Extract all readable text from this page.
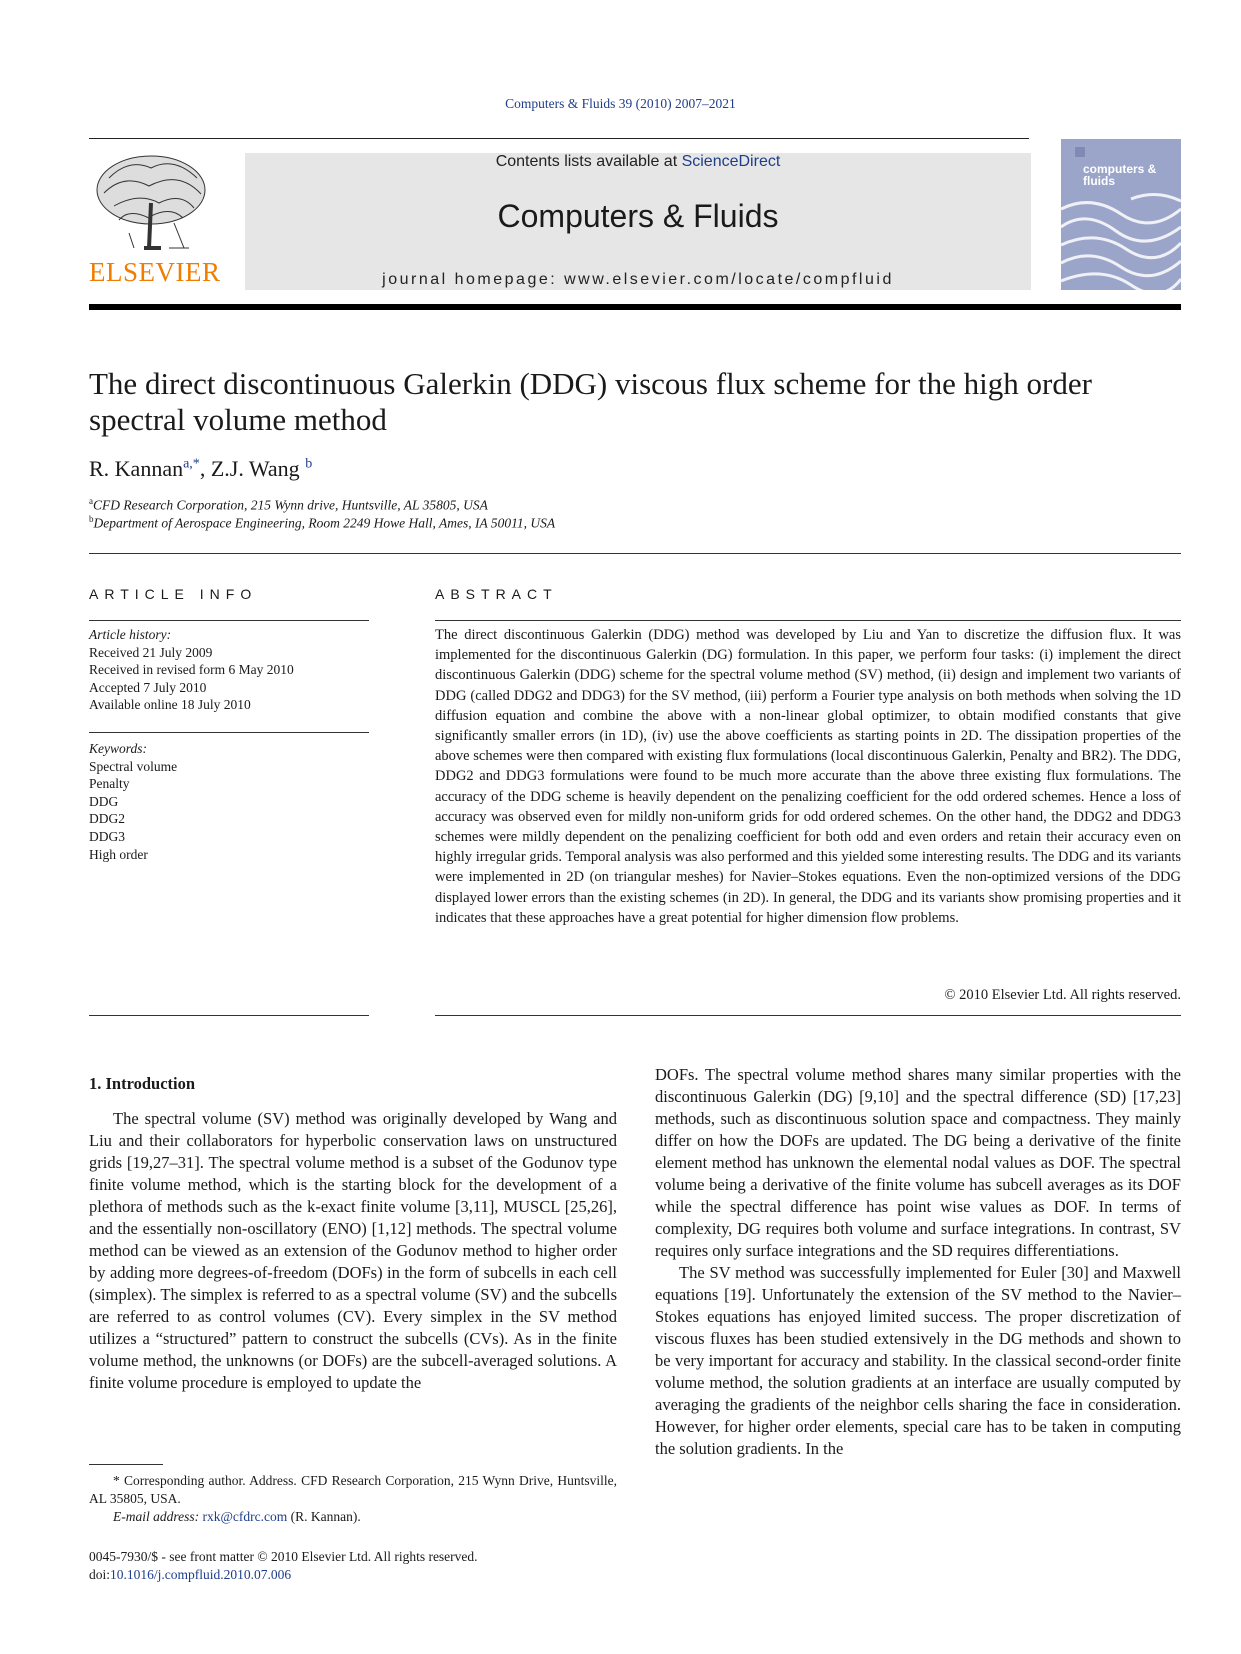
Computers & Fluids 39 (2010) 2007–2021
ELSEVIER
Contents lists available at ScienceDirect
Computers & Fluids
journal homepage: www.elsevier.com/locate/compfluid
computers & fluids
The direct discontinuous Galerkin (DDG) viscous flux scheme for the high order spectral volume method
R. Kannan$^{a,*}$, Z.J. Wang $^b$
$^a$CFD Research Corporation, 215 Wynn drive, Huntsville, AL 35805, USA
$^b$Department of Aerospace Engineering, Room 2249 Howe Hall, Ames, IA 50011, USA
ARTICLE INFO
Article history:
Received 21 July 2009
Received in revised form 6 May 2010
Accepted 7 July 2010
Available online 18 July 2010
Keywords:
Spectral volume
Penalty
DDG
DDG2
DDG3
High order
ABSTRACT
The direct discontinuous Galerkin (DDG) method was developed by Liu and Yan to discretize the diffusion flux. It was implemented for the discontinuous Galerkin (DG) formulation. In this paper, we perform four tasks: (i) implement the direct discontinuous Galerkin (DDG) scheme for the spectral volume method (SV) method, (ii) design and implement two variants of DDG (called DDG2 and DDG3) for the SV method, (iii) perform a Fourier type analysis on both methods when solving the 1D diffusion equation and combine the above with a non-linear global optimizer, to obtain modified constants that give significantly smaller errors (in 1D), (iv) use the above coefficients as starting points in 2D. The dissipation properties of the above schemes were then compared with existing flux formulations (local discontinuous Galerkin, Penalty and BR2). The DDG, DDG2 and DDG3 formulations were found to be much more accurate than the above three existing flux formulations. The accuracy of the DDG scheme is heavily dependent on the penalizing coefficient for the odd ordered schemes. Hence a loss of accuracy was observed even for mildly non-uniform grids for odd ordered schemes. On the other hand, the DDG2 and DDG3 schemes were mildly dependent on the penalizing coefficient for both odd and even orders and retain their accuracy even on highly irregular grids. Temporal analysis was also performed and this yielded some interesting results. The DDG and its variants were implemented in 2D (on triangular meshes) for Navier–Stokes equations. Even the non-optimized versions of the DDG displayed lower errors than the existing schemes (in 2D). In general, the DDG and its variants show promising properties and it indicates that these approaches have a great potential for higher dimension flow problems.
© 2010 Elsevier Ltd. All rights reserved.
1. Introduction

The spectral volume (SV) method was originally developed by Wang and Liu and their collaborators for hyperbolic conservation laws on unstructured grids [19,27–31]. The spectral volume method is a subset of the Godunov type finite volume method, which is the starting block for the development of a plethora of methods such as the k-exact finite volume [3,11], MUSCL [25,26], and the essentially non-oscillatory (ENO) [1,12] methods. The spectral volume method can be viewed as an extension of the Godunov method to higher order by adding more degrees-of-freedom (DOFs) in the form of subcells in each cell (simplex). The simplex is referred to as a spectral volume (SV) and the subcells are referred to as control volumes (CV). Every simplex in the SV method utilizes a “structured” pattern to construct the subcells (CVs). As in the finite volume method, the unknowns (or DOFs) are the subcell-averaged solutions. A finite volume procedure is employed to update the

DOFs. The spectral volume method shares many similar properties with the discontinuous Galerkin (DG) [9,10] and the spectral difference (SD) [17,23] methods, such as discontinuous solution space and compactness. They mainly differ on how the DOFs are updated. The DG being a derivative of the finite element method has unknown the elemental nodal values as DOF. The spectral volume being a derivative of the finite volume has subcell averages as its DOF while the spectral difference has point wise values as DOF. In terms of complexity, DG requires both volume and surface integrations. In contrast, SV requires only surface integrations and the SD requires differentiations.

The SV method was successfully implemented for Euler [30] and Maxwell equations [19]. Unfortunately the extension of the SV method to the Navier–Stokes equations has enjoyed limited success. The proper discretization of viscous fluxes has been studied extensively in the DG methods and shown to be very important for accuracy and stability. In the classical second-order finite volume method, the solution gradients at an interface are usually computed by averaging the gradients of the neighbor cells sharing the face in consideration. However, for higher order elements, special care has to be taken in computing the solution gradients. In the

* Corresponding author. Address. CFD Research Corporation, 215 Wynn Drive, Huntsville, AL 35805, USA.
E-mail address: rxk@cfdrc.com (R. Kannan).
0045-7930/$ - see front matter © 2010 Elsevier Ltd. All rights reserved.
doi:10.1016/j.compfluid.2010.07.006
